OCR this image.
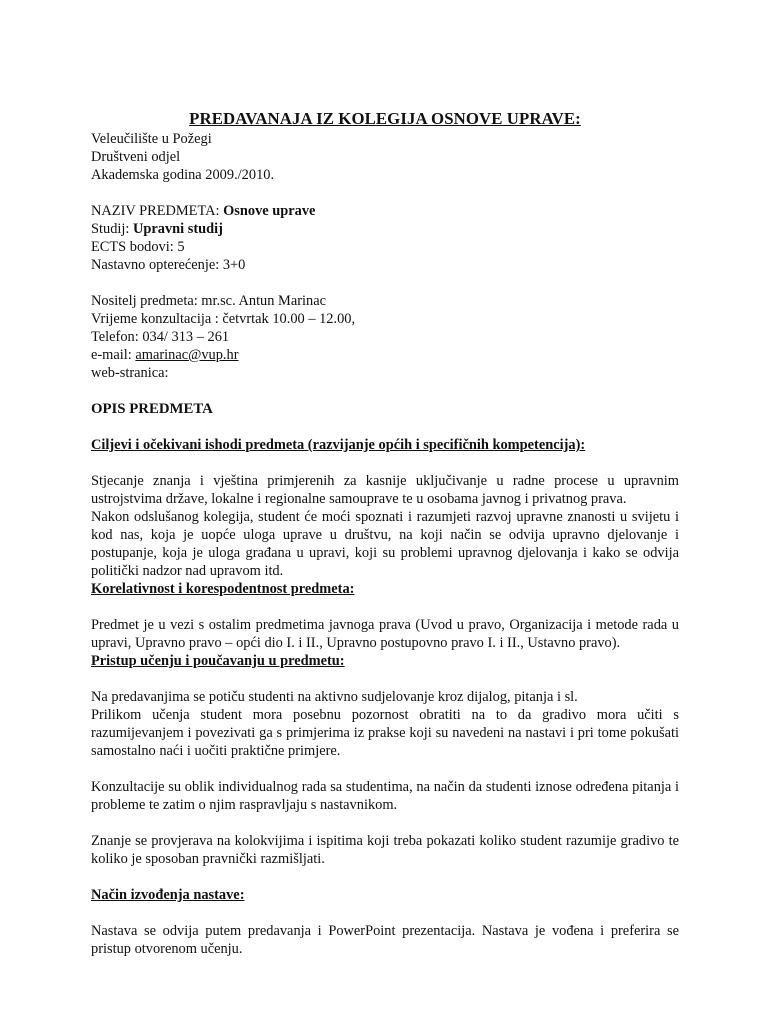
PREDAVANAJA IZ KOLEGIJA OSNOVE UPRAVE:
Veleučilište u Požegi
Društveni odjel
Akademska godina 2009./2010.
NAZIV PREDMETA: Osnove uprave
Studij: Upravni studij
ECTS bodovi: 5
Nastavno opterećenje: 3+0
Nositelj predmeta: mr.sc. Antun Marinac
Vrijeme konzultacija : četvrtak 10.00 – 12.00,
Telefon: 034/ 313 – 261
e-mail: amarinac@vup.hr
web-stranica:

OPIS PREDMETA

Ciljevi i očekivani ishodi predmeta (razvijanje općih i specifičnih kompetencija):

Stjecanje znanja i vještina primjerenih za kasnije uključivanje u radne procese u upravnim ustrojstvima države, lokalne i regionalne samouprave te u osobama javnog i privatnog prava.

Nakon odslušanog kolegija, student će moći spoznati i razumjeti razvoj upravne znanosti u svijetu i kod nas, koja je uopće uloga uprave u društvu, na koji način se odvija upravno djelovanje i postupanje, koja je uloga građana u upravi, koji su problemi upravnog djelovanja i kako se odvija politički nadzor nad upravom itd.

Korelativnost i korespodentnost predmeta:

Predmet je u vezi s ostalim predmetima javnoga prava (Uvod u pravo, Organizacija i metode rada u upravi, Upravno pravo – opći dio I. i II., Upravno postupovno pravo I. i II., Ustavno pravo).

Pristup učenju i poučavanju u predmetu:

Na predavanjima se potiču studenti na aktivno sudjelovanje kroz dijalog, pitanja i sl.

Prilikom učenja student mora posebnu pozornost obratiti na to da gradivo mora učiti s razumijevanjem i povezivati ga s primjerima iz prakse koji su navedeni na nastavi i pri tome pokušati samostalno naći i uočiti praktične primjere.

Konzultacije su oblik individualnog rada sa studentima, na način da studenti iznose određena pitanja i probleme te zatim o njim raspravljaju s nastavnikom.

Znanje se provjerava na kolokvijima i ispitima koji treba pokazati koliko student razumije gradivo te koliko je sposoban pravnički razmišljati.

Način izvođenja nastave:

Nastava se odvija putem predavanja i PowerPoint prezentacija. Nastava je vođena i preferira se pristup otvorenom učenju.
